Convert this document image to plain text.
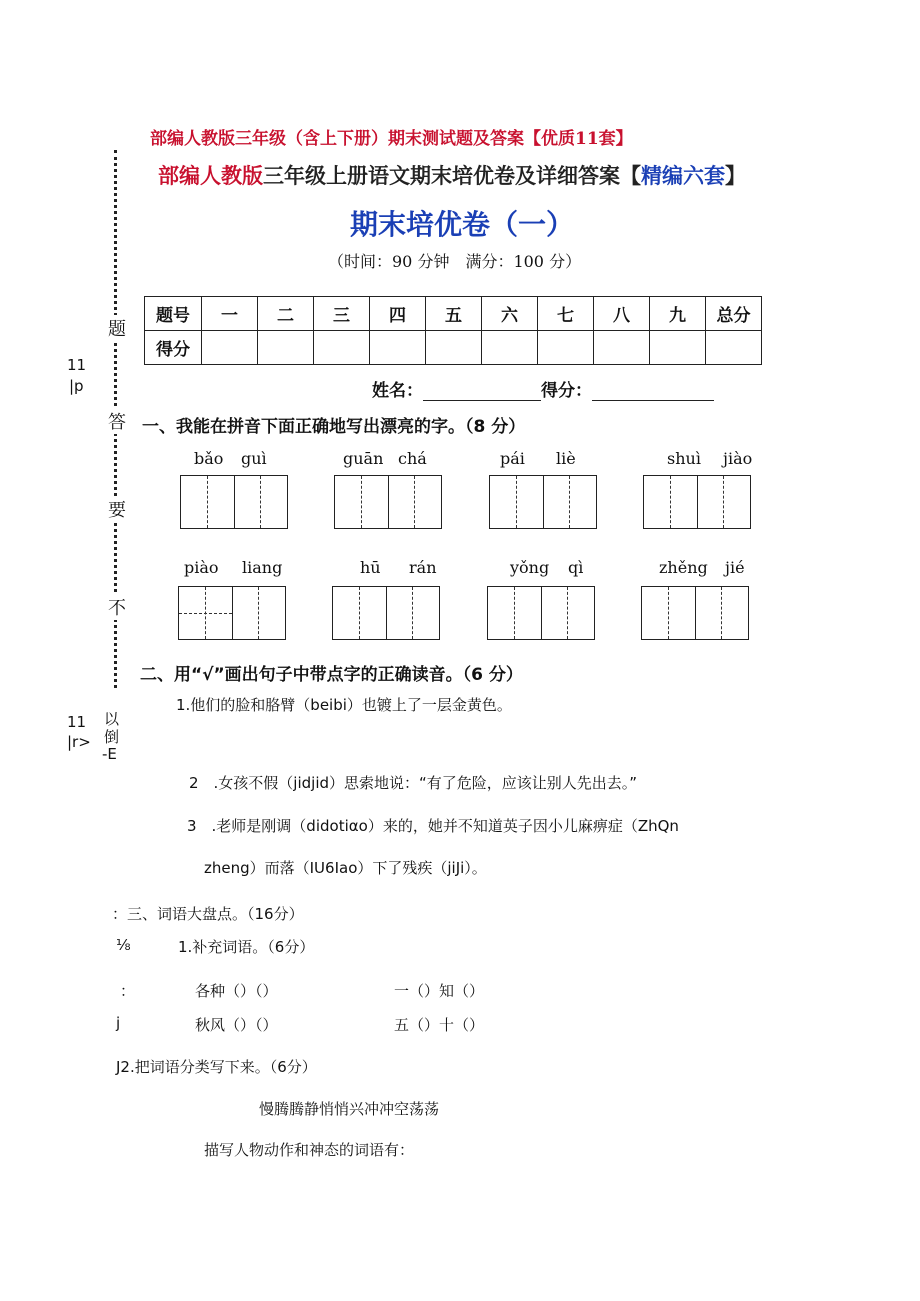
部编人教版三年级（含上下册）期末测试题及答案【优质11套】
部编人教版三年级上册语文期末培优卷及详细答案【精编六套】
期末培优卷（一）
（时间：90 分钟　满分：100 分）
题
答
要
不
11
|p
11
|r>
以
倒
-E
题号	一	二	三	四	五	六	七	八	九	总分
得分										
姓名：	得分：
一、我能在拼音下面正确地写出漂亮的字。（8 分）
bǎo guì	guān chá	pái liè	shuì jiào
piào liang	hū rán	yǒng qì	zhěng jié
二、用“√”画出句子中带点字的正确读音。（6 分）
1.他们的脸和胳臂（beibi）也镀上了一层金黄色。
2　.女孩不假（jidjid）思索地说：“有了危险，应该让别人先出去。”
3　.老师是刚调（didotiαo）来的，她并不知道英子因小儿麻痹症（ZhQn
zheng）而落（IU6Iao）下了残疾（jiJi）。
：三、词语大盘点。（16分）
⅛	1.补充词语。（6分）
：	各种（）（）	一（）知（）
j	秋风（）（）	五（）十（）
J2.把词语分类写下来。（6分）
慢腾腾静悄悄兴冲冲空荡荡
描写人物动作和神态的词语有：
